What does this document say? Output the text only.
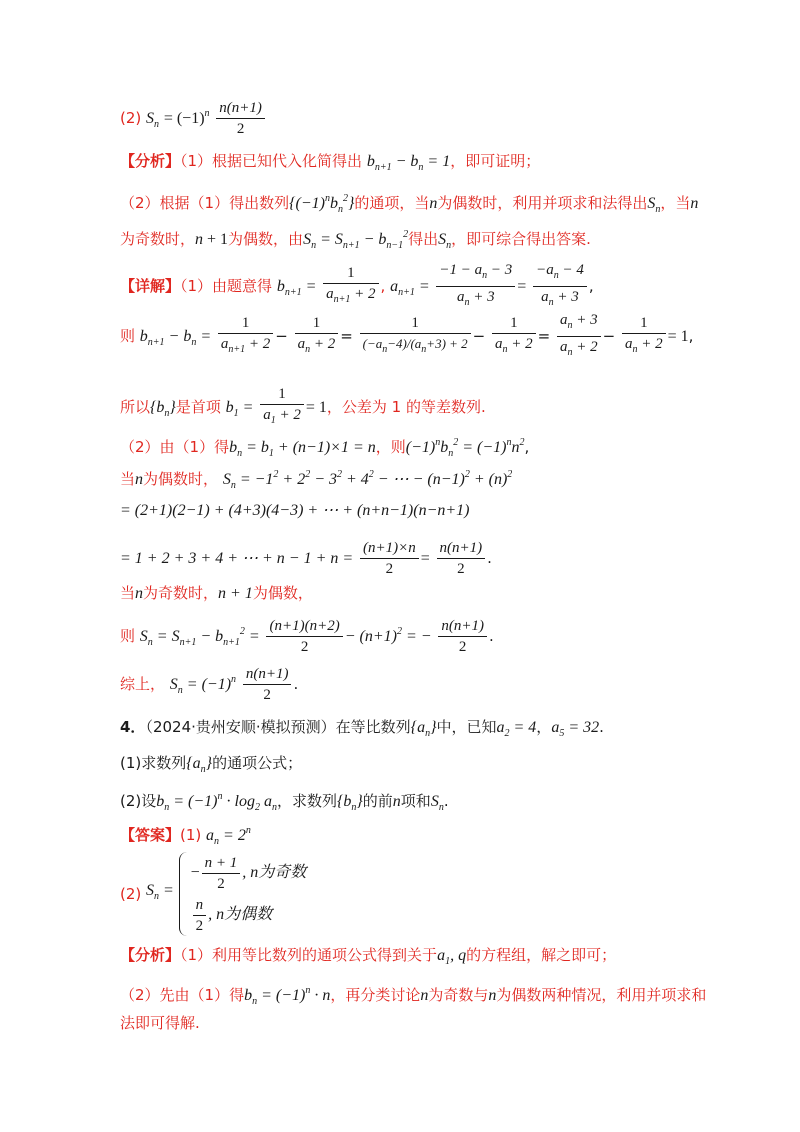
(2) $S_n = (-1)^n \frac{n(n+1)}{2}$
【分析】（1）根据已知代入化简得出 $b_{n+1} - b_n = 1$，即可证明；
（2）根据（1）得出数列$\{(-1)^nb_n^2\}$的通项，当n为偶数时，利用并项求和法得出$S_n$，当n
为奇数时，n + 1为偶数，由$S_n = S_{n+1} - b_{n-1}^2$得出$S_n$，即可综合得出答案.
【详解】（1）由题意得 $b_{n+1} = \frac{1}{a_{n+1} + 2}$ , $a_{n+1} = \frac{-1 - a_n - 3}{a_n + 3} = \frac{-a_n - 4}{a_n + 3}$ ,
则 $b_{n+1} - b_n = \frac{1}{a_{n+1} + 2} - \frac{1}{a_n + 2} = \frac{1}{(-a_n-4)/(a_n+3) + 2} - \frac{1}{a_n + 2} = \frac{a_n + 3}{a_n + 2} - \frac{1}{a_n + 2} = 1$,
所以$\{b_n\}$是首项 $b_1 = \frac{1}{a_1 + 2} = 1$，公差为 1 的等差数列.
（2）由（1）得$b_n = b_1 + (n-1)\times 1 = n$，则$(-1)^nb_n^2 = (-1)^nn^2$,
当n为偶数时， $S_n = -1^2 + 2^2 - 3^2 + 4^2$ − ⋯ − $(n-1)^2 + (n)^2$
= (2+1)(2−1) + (4+3)(4−3) + ⋯ + (n+n−1)(n−n+1)
= 1 + 2 + 3 + 4 + ⋯ + $n - 1 + n = \frac{(n+1)\times n}{2} = \frac{n(n+1)}{2}$ .
当n为奇数时，n + 1为偶数，
则 $S_n = S_{n+1} - b_{n+1}^2 = \frac{(n+1)(n+2)}{2} - (n+1)^2$ = − $\frac{n(n+1)}{2}$ .
综上， $S_n = (-1)^n \frac{n(n+1)}{2}$ .
4．（2024·贵州安顺·模拟预测）在等比数列$\{a_n\}$中，已知$a_2 = 4$，$a_5 = 32$.
(1)求数列$\{a_n\}$的通项公式；
(2)设$b_n = (-1)^n \cdot \log_2 a_n$，求数列$\{b_n\}$的前n项和$S_n$.
【答案】(1) $a_n = 2^n$
(2) $S_n$ =
− $\frac{n + 1}{2}$ , n为奇数
$\frac{n}{2}$ , n为偶数
【分析】（1）利用等比数列的通项公式得到关于$a_1$, q的方程组，解之即可；
（2）先由（1）得$b_n = (-1)^n \cdot n$，再分类讨论n为奇数与n为偶数两种情况，利用并项求和
法即可得解.
